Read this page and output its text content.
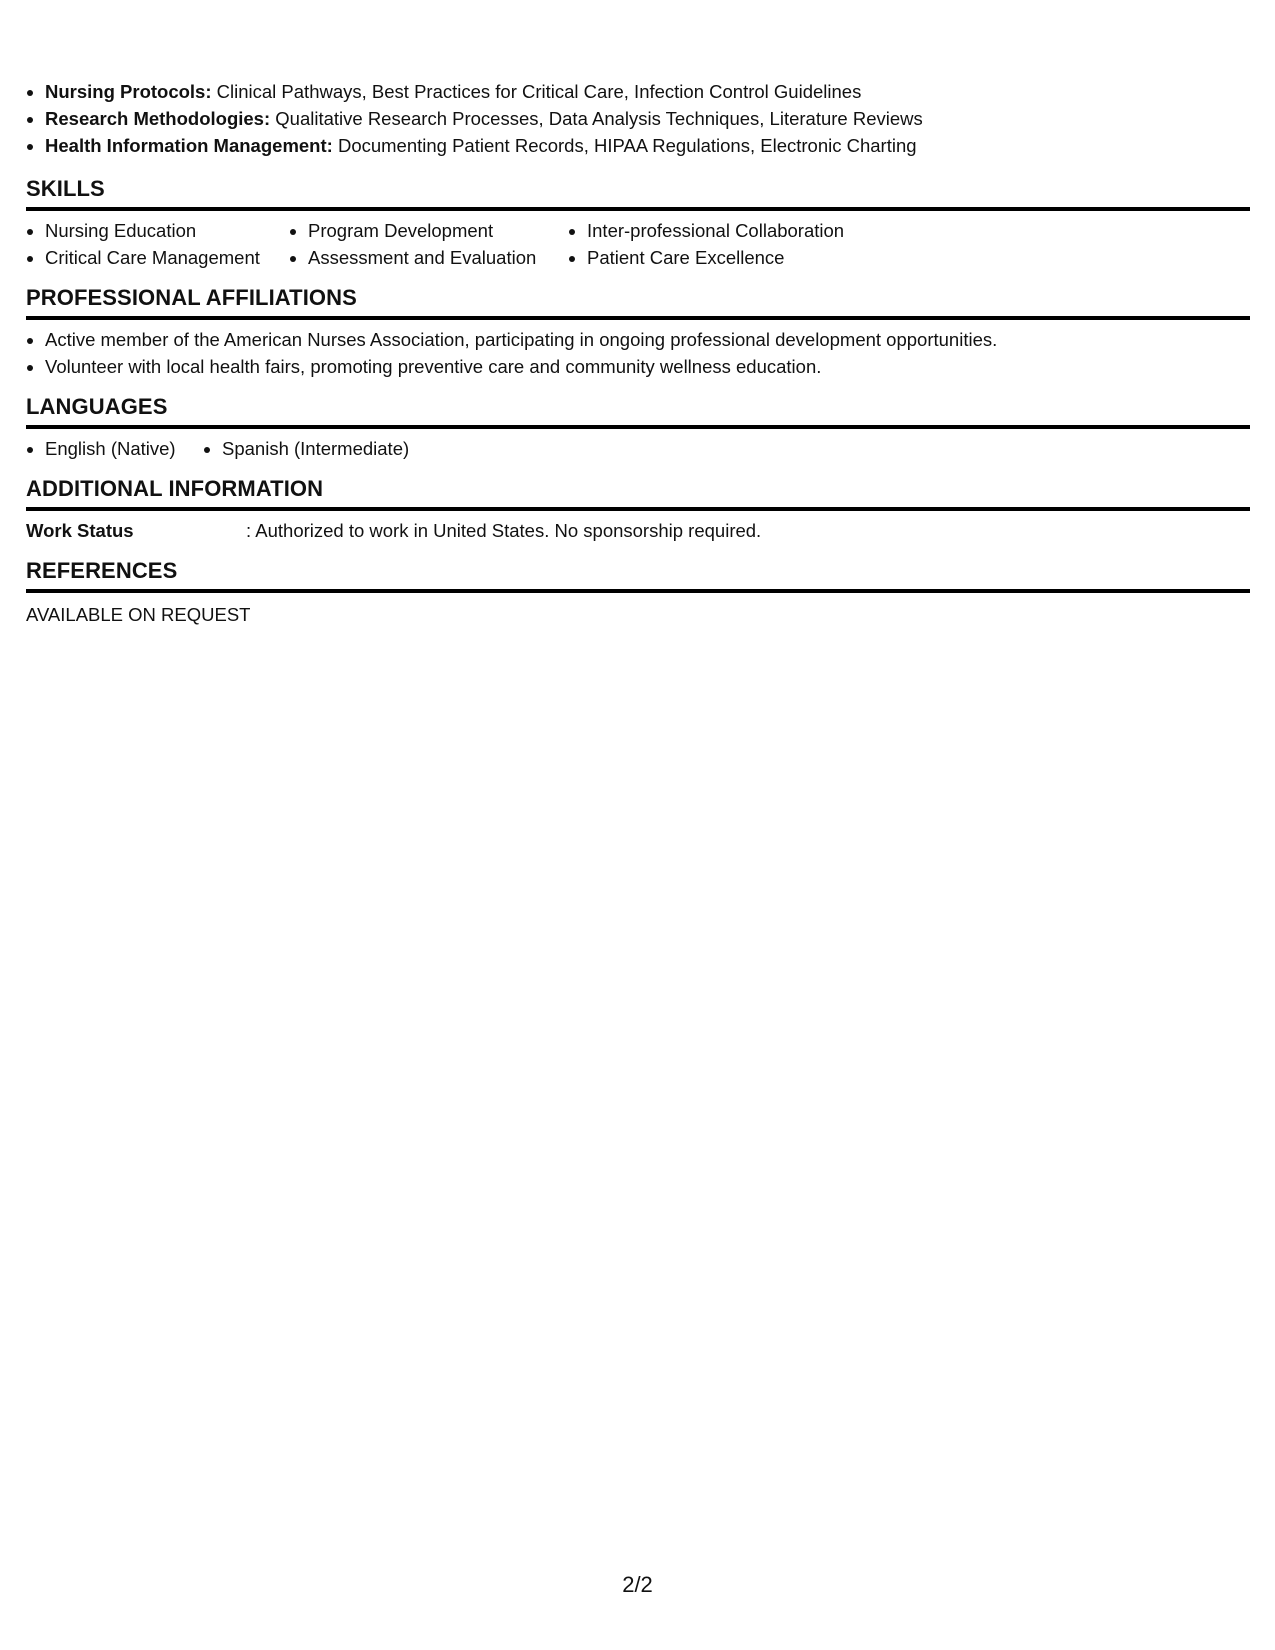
• Nursing Protocols: Clinical Pathways, Best Practices for Critical Care, Infection Control Guidelines
• Research Methodologies: Qualitative Research Processes, Data Analysis Techniques, Literature Reviews
• Health Information Management: Documenting Patient Records, HIPAA Regulations, Electronic Charting
SKILLS
• Nursing Education
• Critical Care Management
• Program Development
• Assessment and Evaluation
• Inter-professional Collaboration
• Patient Care Excellence
PROFESSIONAL AFFILIATIONS
• Active member of the American Nurses Association, participating in ongoing professional development opportunities.
• Volunteer with local health fairs, promoting preventive care and community wellness education.
LANGUAGES
• English (Native)
•	Spanish (Intermediate)
ADDITIONAL INFORMATION
Work Status	: Authorized to work in United States. No sponsorship required.
REFERENCES
AVAILABLE ON REQUEST
2/2
